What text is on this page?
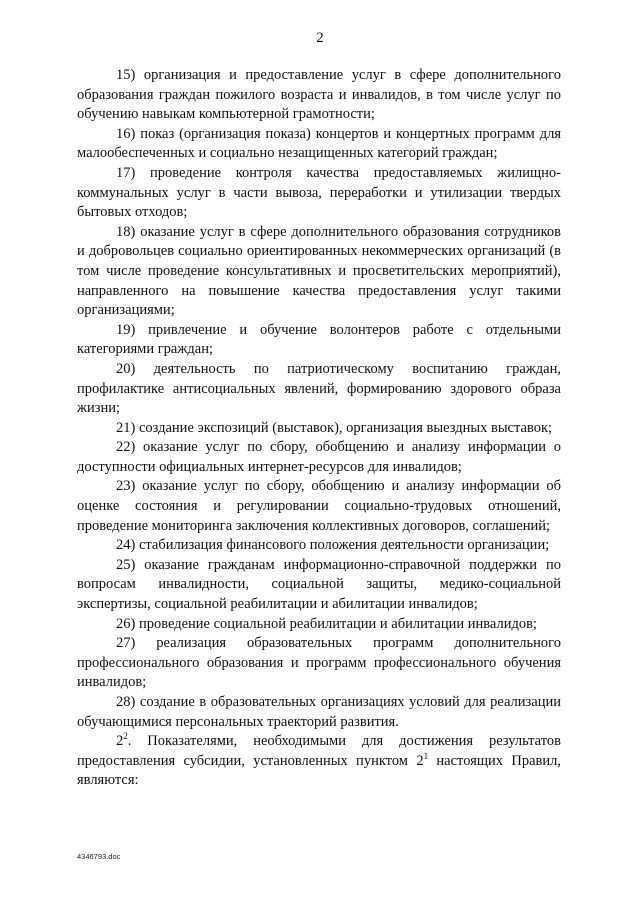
2

15) организация и предоставление услуг в сфере дополнительного образования граждан пожилого возраста и инвалидов, в том числе услуг по обучению навыкам компьютерной грамотности;

16) показ (организация показа) концертов и концертных программ для малообеспеченных и социально незащищенных категорий граждан;

17) проведение контроля качества предоставляемых жилищно-коммунальных услуг в части вывоза, переработки и утилизации твердых бытовых отходов;

18) оказание услуг в сфере дополнительного образования сотрудников и добровольцев социально ориентированных некоммерческих организаций (в том числе проведение консультативных и просветительских мероприятий), направленного на повышение качества предоставления услуг такими организациями;

19) привлечение и обучение волонтеров работе с отдельными категориями граждан;

20) деятельность по патриотическому воспитанию граждан, профилактике антисоциальных явлений, формированию здорового образа жизни;

21) создание экспозиций (выставок), организация выездных выставок;

22) оказание услуг по сбору, обобщению и анализу информации о доступности официальных интернет-ресурсов для инвалидов;

23) оказание услуг по сбору, обобщению и анализу информации об оценке состояния и регулировании социально-трудовых отношений, проведение мониторинга заключения коллективных договоров, соглашений;

24) стабилизация финансового положения деятельности организации;

25) оказание гражданам информационно-справочной поддержки по вопросам инвалидности, социальной защиты, медико-социальной экспертизы, социальной реабилитации и абилитации инвалидов;

26) проведение социальной реабилитации и абилитации инвалидов;

27) реализация образовательных программ дополнительного профессионального образования и программ профессионального обучения инвалидов;

28) создание в образовательных организациях условий для реализации обучающимися персональных траекторий развития.

$2^2$. Показателями, необходимыми для достижения результатов предоставления субсидии, установленных пунктом $2^1$ настоящих Правил, являются:

4346793.doc
